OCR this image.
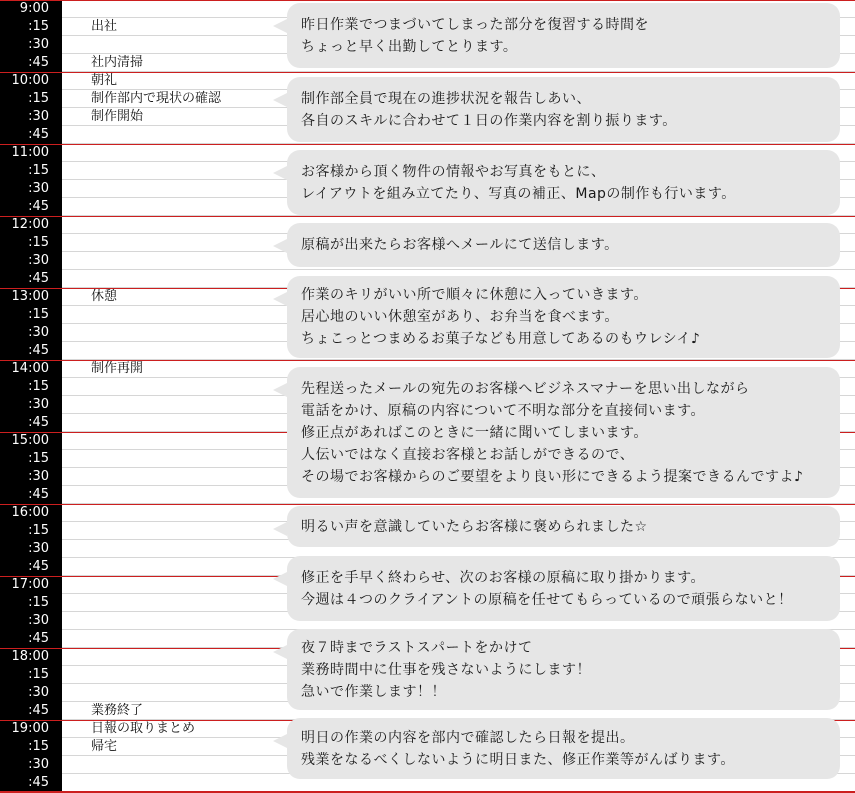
9:00
:15	出社
:30
:45	社内清掃
10:00	朝礼
:15	制作部内で現状の確認
:30	制作開始
:45
11:00
:15
:30
:45
12:00
:15
:30
:45
13:00	休憩
:15
:30
:45
14:00	制作再開
:15
:30
:45
15:00
:15
:30
:45
16:00
:15
:30
:45
17:00
:15
:30
:45
18:00
:15
:30
:45	業務終了
19:00	日報の取りまとめ
:15	帰宅
:30
:45
昨日作業でつまづいてしまった部分を復習する時間を
ちょっと早く出勤してとります。
制作部全員で現在の進捗状況を報告しあい、
各自のスキルに合わせて１日の作業内容を割り振ります。
お客様から頂く物件の情報やお写真をもとに、
レイアウトを組み立てたり、写真の補正、Mapの制作も行います。
原稿が出来たらお客様へメールにて送信します。
作業のキリがいい所で順々に休憩に入っていきます。
居心地のいい休憩室があり、お弁当を食べます。
ちょこっとつまめるお菓子なども用意してあるのもウレシイ♪
先程送ったメールの宛先のお客様へビジネスマナーを思い出しながら
電話をかけ、原稿の内容について不明な部分を直接伺います。
修正点があればこのときに一緒に聞いてしまいます。
人伝いではなく直接お客様とお話しができるので、
その場でお客様からのご要望をより良い形にできるよう提案できるんですよ♪
明るい声を意識していたらお客様に褒められました☆
修正を手早く終わらせ、次のお客様の原稿に取り掛かります。
今週は４つのクライアントの原稿を任せてもらっているので頑張らないと！
夜７時までラストスパートをかけて
業務時間中に仕事を残さないようにします！
急いで作業します！！
明日の作業の内容を部内で確認したら日報を提出。
残業をなるべくしないように明日また、修正作業等がんばります。
